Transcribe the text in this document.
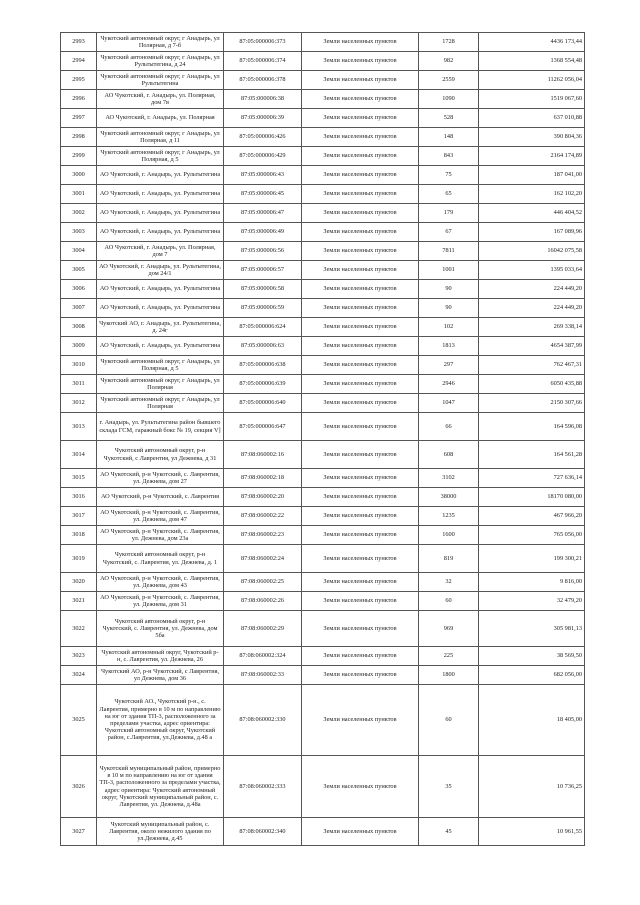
2993	Чукотский автономный округ, г Анадырь, ул Полярная, д 7-б	87:05:000006:373	Земли населенных пунктов	1728	4436 173,44
2994	Чукотский автономный округ, г Анадырь, ул Рультытегина, д 24	87:05:000006:374	Земли населенных пунктов	982	1368 554,48
2995	Чукотский автономный округ, г Анадырь, ул Рультытегина	87:05:000006:378	Земли населенных пунктов	2559	11262 056,04
2996	АО Чукотский, г. Анадырь, ул. Полярная, дом 7в	87:05:000006:38	Земли населенных пунктов	1090	1519 067,60
2997	АО Чукотский, г. Анадырь, ул. Полярная	87:05:000006:39	Земли населенных пунктов	528	637 010,88
2998	Чукотский автономный округ, г Анадырь, ул Полярная, д 11	87:05:000006:426	Земли населенных пунктов	148	390 804,36
2999	Чукотский автономный округ, г Анадырь, ул Полярная, д 5	87:05:000006:429	Земли населенных пунктов	843	2164 174,89
3000	АО Чукотский, г. Анадырь, ул. Рультытегина	87:05:000006:43	Земли населенных пунктов	75	187 041,00
3001	АО Чукотский, г. Анадырь, ул. Рультытегина	87:05:000006:45	Земли населенных пунктов	65	162 102,20
3002	АО Чукотский, г. Анадырь, ул. Рультытегина	87:05:000006:47	Земли населенных пунктов	179	446 404,52
3003	АО Чукотский, г. Анадырь, ул. Рультытегина	87:05:000006:49	Земли населенных пунктов	67	167 089,96
3004	АО Чукотский, г. Анадырь, ул. Полярная, дом 7	87:05:000006:56	Земли населенных пунктов	7811	16042 075,58
3005	АО Чукотский, г. Анадырь, ул. Рультытегина, дом 24/1	87:05:000006:57	Земли населенных пунктов	1001	1395 033,64
3006	АО Чукотский, г. Анадырь, ул. Рультытегина	87:05:000006:58	Земли населенных пунктов	90	224 449,20
3007	АО Чукотский, г. Анадырь, ул. Рультытегина	87:05:000006:59	Земли населенных пунктов	90	224 449,20
3008	Чукотский АО, г. Анадырь, ул. Рультытегина, д. 24г	87:05:000006:624	Земли населенных пунктов	102	269 338,14
3009	АО Чукотский, г. Анадырь, ул. Рультытегина	87:05:000006:63	Земли населенных пунктов	1813	4654 387,99
3010	Чукотский автономный округ, г Анадырь, ул Полярная, д 5	87:05:000006:638	Земли населенных пунктов	297	762 467,31
3011	Чукотский автономный округ, г Анадырь, ул Полярная	87:05:000006:639	Земли населенных пунктов	2946	6050 435,88
3012	Чукотский автономный округ, г Анадырь, ул Полярная	87:05:000006:640	Земли населенных пунктов	1047	2150 307,66
3013	г. Анадырь, ул. Рультытегина район бывшего склада ГСМ, гаражный бокс № 19, секция V]	87:05:000006:647	Земли населенных пунктов	66	164 596,08
3014	Чукотский автономный округ, р-н Чукотский, с Лаврентия, ул Дежнева, д 31	87:08:060002:16	Земли населенных пунктов	608	164 561,28
3015	АО Чукотский, р-н Чукотский, с. Лаврентия, ул. Дежнева, дом 27	87:08:060002:18	Земли населенных пунктов	3102	727 636,14
3016	АО Чукотский, р-н Чукотский, с. Лаврентия	87:08:060002:20	Земли населенных пунктов	38000	18170 080,00
3017	АО Чукотский, р-н Чукотский, с. Лаврентия, ул. Дежнева, дом 47	87:08:060002:22	Земли населенных пунктов	1235	467 966,20
3018	АО Чукотский, р-н Чукотский, с. Лаврентия, ул. Дежнева, дом 23а	87:08:060002:23	Земли населенных пунктов	1600	765 056,00
3019	Чукотский автономный округ, р-н Чукотский, с. Лаврентия, ул. Дежнева, д. 1	87:08:060002:24	Земли населенных пунктов	819	199 300,21
3020	АО Чукотский, р-н Чукотский, с. Лаврентия, ул. Дежнева, дом 43	87:08:060002:25	Земли населенных пунктов	32	9 816,00
3021	АО Чукотский, р-н Чукотский, с. Лаврентия, ул. Дежнева, дом 31	87:08:060002:26	Земли населенных пунктов	60	32 479,20
3022	Чукотский автономный округ, р-н Чукотский, с. Лаврентия, ул. Дежнева, дом 5ба	87:08:060002:29	Земли населенных пунктов	969	305 981,13
3023	Чукотский автономный округ, Чукотский р-н, с. Лаврентия, ул. Дежнева, 26	87:08:060002:324	Земли населенных пунктов	225	38 569,50
3024	Чукотский АО, р-н Чукотский, с Лаврентия, ул Дежнева, дом 36	87:08:060002:33	Земли населенных пунктов	1800	682 056,00
3025	Чукотский АО., Чукотский р-н., с. Лаврентия, примерно в 10 м по направлению на юг от здания ТП-3, расположенного за пределами участка, адрес ориентира: Чукотский автономный округ, Чукотский район, с.Лаврентия, ул.Дежнева, д.48 а	87:08:060002:330	Земли населенных пунктов	60	18 405,00
3026	Чукотский муниципальный район, примерно в 10 м по направлению на юг от здания ТП-3, расположенного за пределами участка, адрес ориентира: Чукотский автономный округ, Чукотский муниципальный район, с. Лаврентия, ул. Дежнева, д.48а	87:08:060002:333	Земли населенных пунктов	35	10 736,25
3027	Чукотский муниципальный район, с. Лаврентия, около нежилого здания по ул.Дежнева, д.45	87:08:060002:340	Земли населенных пунктов	45	10 961,55
